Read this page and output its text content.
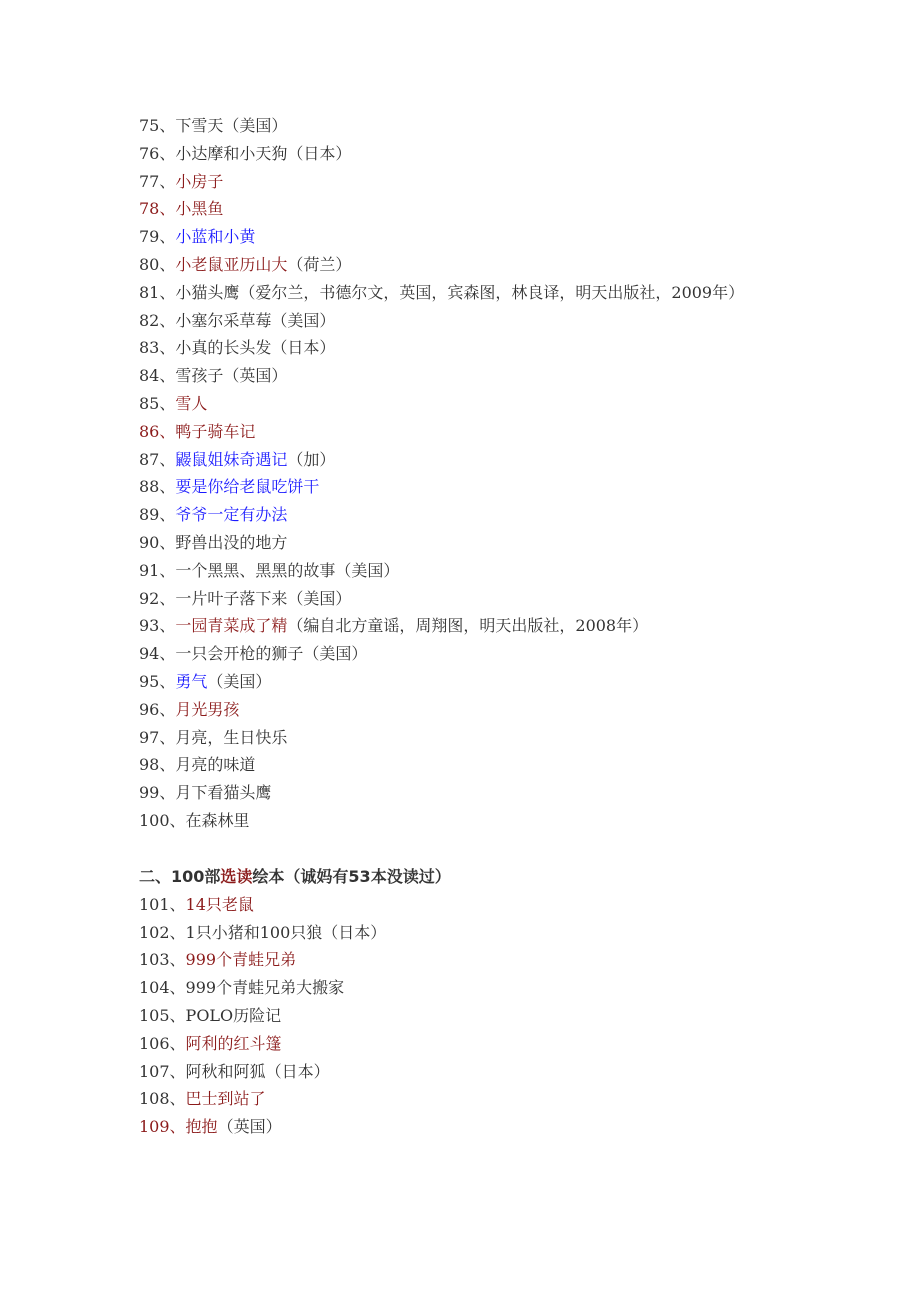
75、下雪天（美国）
76、小达摩和小天狗（日本）
77、小房子
78、小黑鱼
79、小蓝和小黄
80、小老鼠亚历山大（荷兰）
81、小猫头鹰（爱尔兰，书德尔文，英国，宾森图，林良译，明天出版社，2009年）
82、小塞尔采草莓（美国）
83、小真的长头发（日本）
84、雪孩子（英国）
85、雪人
86、鸭子骑车记
87、鼹鼠姐妹奇遇记（加）
88、要是你给老鼠吃饼干
89、爷爷一定有办法
90、野兽出没的地方
91、一个黑黑、黑黑的故事（美国）
92、一片叶子落下来（美国）
93、一园青菜成了精（编自北方童谣，周翔图，明天出版社，2008年）
94、一只会开枪的狮子（美国）
95、勇气（美国）
96、月光男孩
97、月亮，生日快乐
98、月亮的味道
99、月下看猫头鹰
100、在森林里
二、100部选读绘本（诚妈有53本没读过）
101、14只老鼠
102、1只小猪和100只狼（日本）
103、999个青蛙兄弟
104、999个青蛙兄弟大搬家
105、POLO历险记
106、阿利的红斗篷
107、阿秋和阿狐（日本）
108、巴士到站了
109、抱抱（英国）
